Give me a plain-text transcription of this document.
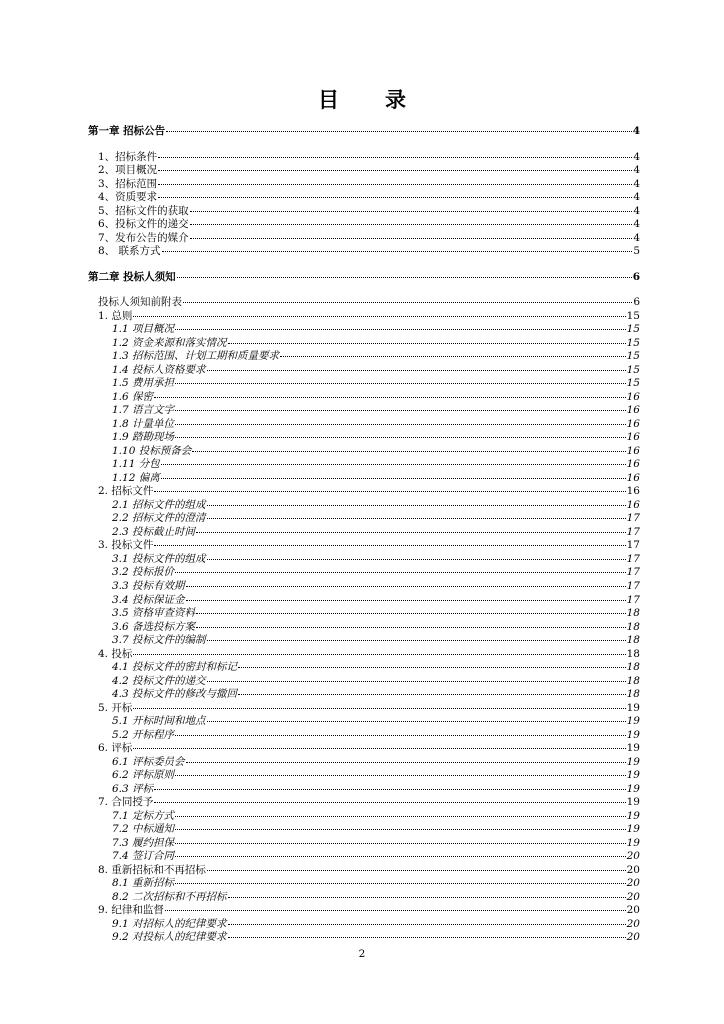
目 录
第一章 招标公告	4
1、招标条件	4
2、项目概况	4
3、招标范围	4
4、资质要求	4
5、招标文件的获取	4
6、投标文件的递交	4
7、发布公告的媒介	4
8、 联系方式	5
第二章 投标人须知	6
投标人须知前附表	6
1. 总则	15
1.1 项目概况	15
1.2 资金来源和落实情况	15
1.3 招标范围、计划工期和质量要求	15
1.4 投标人资格要求	15
1.5 费用承担	15
1.6 保密	16
1.7 语言文字	16
1.8 计量单位	16
1.9 踏勘现场	16
1.10 投标预备会	16
1.11 分包	16
1.12 偏离	16
2. 招标文件	16
2.1 招标文件的组成	16
2.2 招标文件的澄清	17
2.3 投标截止时间	17
3. 投标文件	17
3.1 投标文件的组成	17
3.2 投标报价	17
3.3 投标有效期	17
3.4 投标保证金	17
3.5 资格审查资料	18
3.6 备选投标方案	18
3.7 投标文件的编制	18
4. 投标	18
4.1 投标文件的密封和标记	18
4.2 投标文件的递交	18
4.3 投标文件的修改与撤回	18
5. 开标	19
5.1 开标时间和地点	19
5.2 开标程序	19
6. 评标	19
6.1 评标委员会	19
6.2 评标原则	19
6.3 评标	19
7. 合同授予	19
7.1 定标方式	19
7.2 中标通知	19
7.3 履约担保	19
7.4 签订合同	20
8. 重新招标和不再招标	20
8.1 重新招标	20
8.2 二次招标和不再招标	20
9. 纪律和监督	20
9.1 对招标人的纪律要求	20
9.2 对投标人的纪律要求	20
2
